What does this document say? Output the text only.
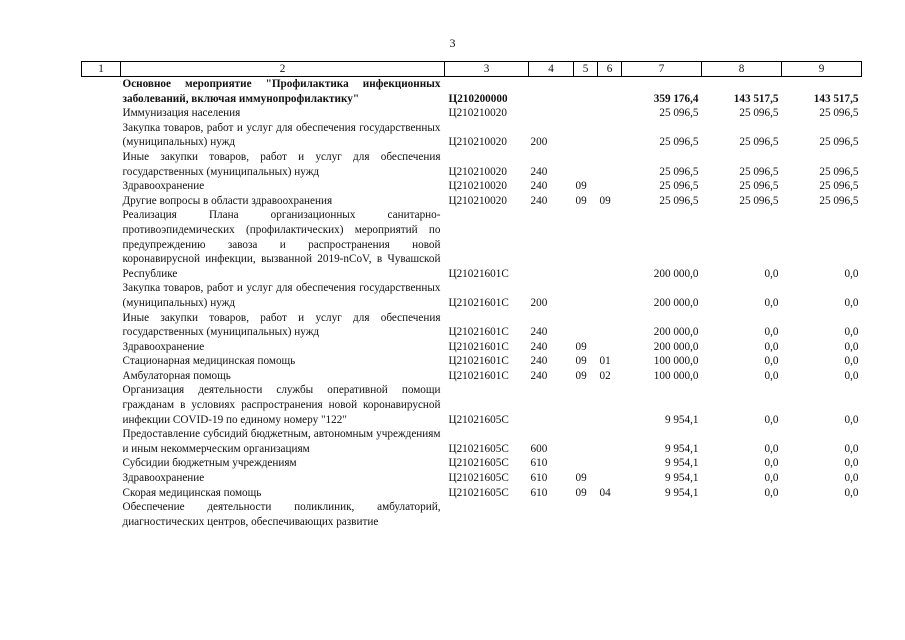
3
1	2	3	4	5	6	7	8	9
	Основное мероприятие "Профилактика инфекционных заболеваний, включая иммунопрофилактику"	Ц210200000				359 176,4	143 517,5	143 517,5
	Иммунизация населения	Ц210210020				25 096,5	25 096,5	25 096,5
	Закупка товаров, работ и услуг для обеспечения государственных (муниципальных) нужд	Ц210210020	200			25 096,5	25 096,5	25 096,5
	Иные закупки товаров, работ и услуг для обеспечения государственных (муниципальных) нужд	Ц210210020	240			25 096,5	25 096,5	25 096,5
	Здравоохранение	Ц210210020	240	09		25 096,5	25 096,5	25 096,5
	Другие вопросы в области здравоохранения	Ц210210020	240	09	09	25 096,5	25 096,5	25 096,5
	Реализация Плана организационных санитарно-противоэпидемических (профилактических) мероприятий по предупреждению завоза и распространения новой коронавирусной инфекции, вызванной 2019-nCoV, в Чувашской Республике	Ц21021601С				200 000,0	0,0	0,0
	Закупка товаров, работ и услуг для обеспечения государственных (муниципальных) нужд	Ц21021601С	200			200 000,0	0,0	0,0
	Иные закупки товаров, работ и услуг для обеспечения государственных (муниципальных) нужд	Ц21021601С	240			200 000,0	0,0	0,0
	Здравоохранение	Ц21021601С	240	09		200 000,0	0,0	0,0
	Стационарная медицинская помощь	Ц21021601С	240	09	01	100 000,0	0,0	0,0
	Амбулаторная помощь	Ц21021601С	240	09	02	100 000,0	0,0	0,0
	Организация деятельности службы оперативной помощи гражданам в условиях распространения новой коронавирусной инфекции COVID-19 по единому номеру "122"	Ц21021605С				9 954,1	0,0	0,0
	Предоставление субсидий бюджетным, автономным учреждениям и иным некоммерческим организациям	Ц21021605С	600			9 954,1	0,0	0,0
	Субсидии бюджетным учреждениям	Ц21021605С	610			9 954,1	0,0	0,0
	Здравоохранение	Ц21021605С	610	09		9 954,1	0,0	0,0
	Скорая медицинская помощь	Ц21021605С	610	09	04	9 954,1	0,0	0,0
	Обеспечение деятельности поликлиник, амбулаторий, диагностических центров, обеспечивающих развитие							
